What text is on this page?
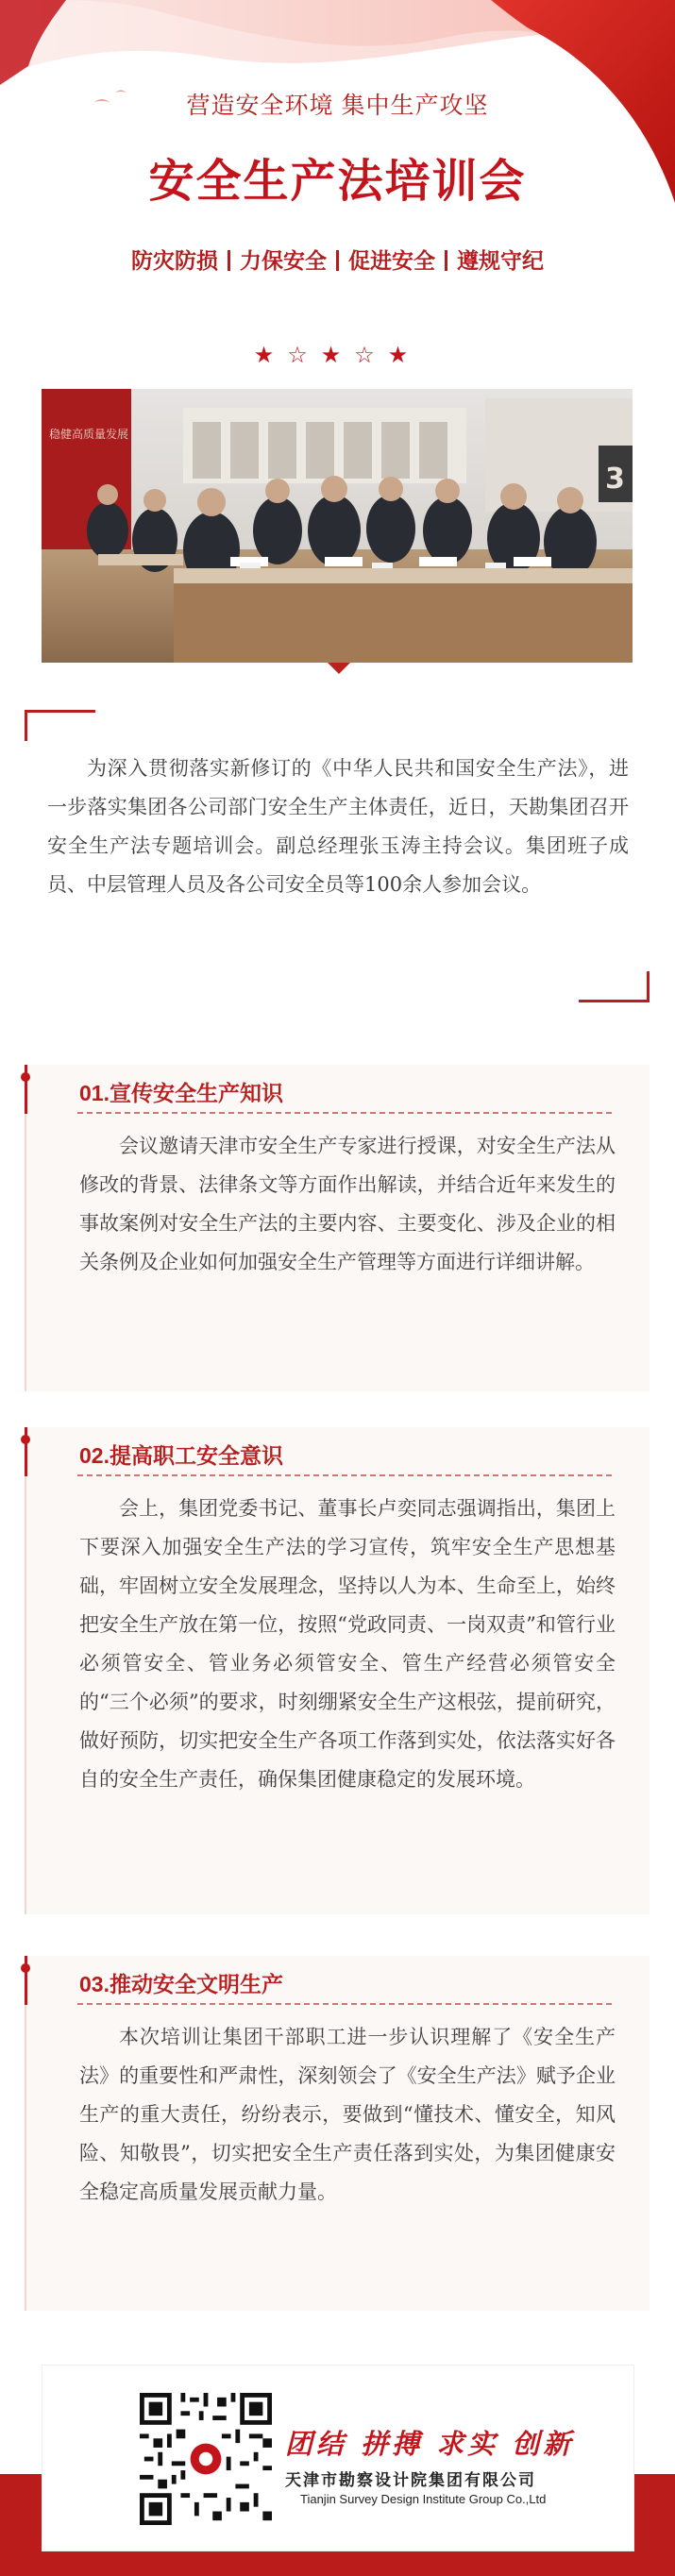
营造安全环境 集中生产攻坚
安全生产法培训会
防灾防损 力保安全 促进安全 遵规守纪
★☆★☆★
稳健高质量发展
3

为深入贯彻落实新修订的《中华人民共和国安全生产法》，进一步落实集团各公司部门安全生产主体责任，近日，天勘集团召开安全生产法专题培训会。副总经理张玉涛主持会议。集团班子成员、中层管理人员及各公司安全员等100余人参加会议。

01.宣传安全生产知识

会议邀请天津市安全生产专家进行授课，对安全生产法从修改的背景、法律条文等方面作出解读，并结合近年来发生的事故案例对安全生产法的主要内容、主要变化、涉及企业的相关条例及企业如何加强安全生产管理等方面进行详细讲解。

02.提高职工安全意识

会上，集团党委书记、董事长卢奕同志强调指出，集团上下要深入加强安全生产法的学习宣传，筑牢安全生产思想基础，牢固树立安全发展理念，坚持以人为本、生命至上，始终把安全生产放在第一位，按照“党政同责、一岗双责”和管行业必须管安全、管业务必须管安全、管生产经营必须管安全的“三个必须”的要求，时刻绷紧安全生产这根弦，提前研究，做好预防，切实把安全生产各项工作落到实处，依法落实好各自的安全生产责任，确保集团健康稳定的发展环境。

03.推动安全文明生产

本次培训让集团干部职工进一步认识理解了《安全生产法》的重要性和严肃性，深刻领会了《安全生产法》赋予企业生产的重大责任，纷纷表示，要做到“懂技术、懂安全，知风险、知敬畏”，切实把安全生产责任落到实处，为集团健康安全稳定高质量发展贡献力量。

团结 拼搏 求实 创新
天津市勘察设计院集团有限公司
Tianjin Survey Design Institute Group Co.,Ltd
